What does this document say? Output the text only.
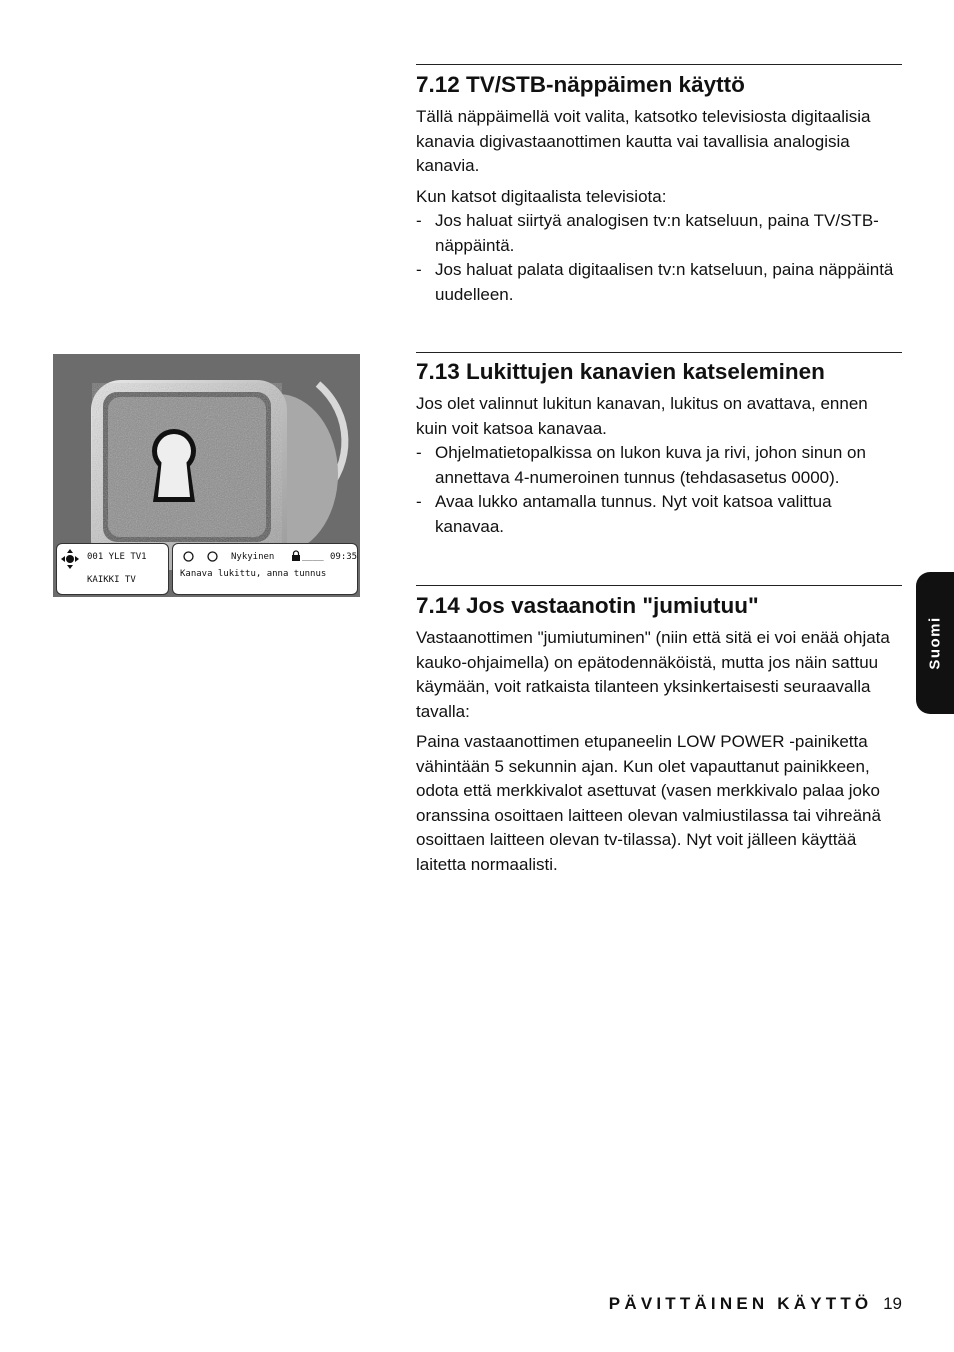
7.12 TV/STB-näppäimen käyttö

Tällä näppäimellä voit valita, katsotko televisiosta digitaalisia kanavia digivastaanottimen kautta vai tavallisia analogisia kanavia.

Kun katsot digitaalista televisiota:

- Jos haluat siirtyä analogisen tv:n katseluun, paina TV/STB-näppäintä.
- Jos haluat palata digitaalisen tv:n katseluun, paina näppäintä uudelleen.
001 YLE TV1
KAIKKI TV
Nykyinen	____ 09:35
Kanava lukittu, anna tunnus
7.13 Lukittujen kanavien katseleminen

Jos olet valinnut lukitun kanavan, lukitus on avattava, ennen kuin voit katsoa kanavaa.

- Ohjelmatietopalkissa on lukon kuva ja rivi, johon sinun on annettava 4-numeroinen tunnus (tehdasasetus 0000).
- Avaa lukko antamalla tunnus. Nyt voit katsoa valittua kanavaa.
7.14 Jos vastaanotin "jumiutuu"

Vastaanottimen "jumiutuminen" (niin että sitä ei voi enää ohjata kauko-ohjaimella) on epätodennäköistä, mutta jos näin sattuu käymään, voit ratkaista tilanteen yksinkertaisesti seuraavalla tavalla:

Paina vastaanottimen etupaneelin LOW POWER -painiketta vähintään 5 sekunnin ajan. Kun olet vapauttanut painikkeen, odota että merkkivalot asettuvat (vasen merkkivalo palaa joko oranssina osoittaen laitteen olevan valmiustilassa tai vihreänä osoittaen laitteen olevan tv-tilassa). Nyt voit jälleen käyttää laitetta normaalisti.

Suomi
PÄVITTÄINEN KÄYTTÖ 19
